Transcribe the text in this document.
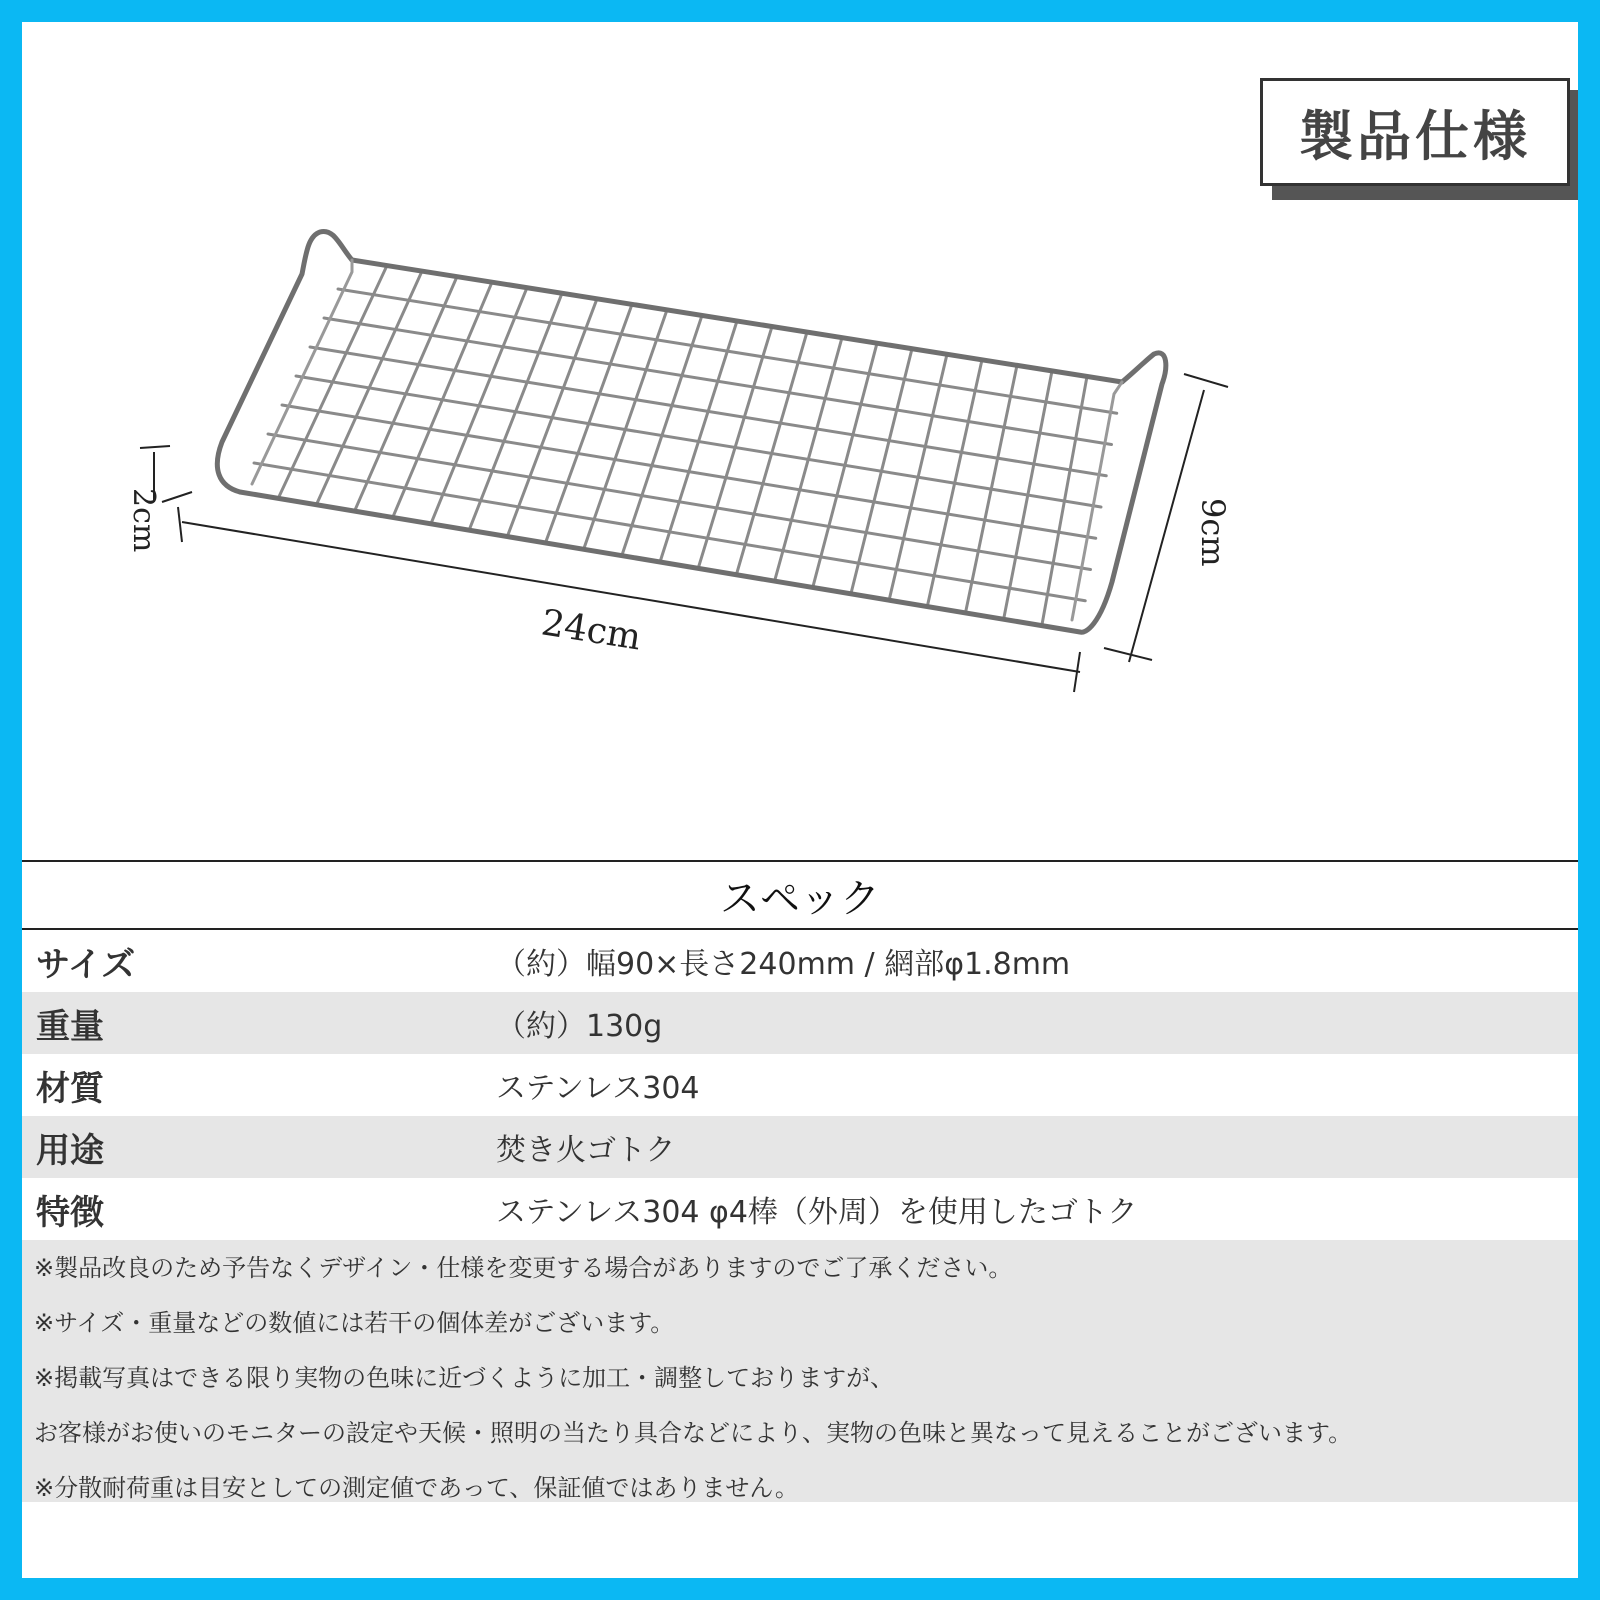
製品仕様
2cm
24cm
9cm
スペック
サイズ	（約）幅90×長さ240mm / 網部φ1.8mm
重量	（約）130g
材質	ステンレス304
用途	焚き火ゴトク
特徴	ステンレス304 φ4棒（外周）を使用したゴトク
※製品改良のため予告なくデザイン・仕様を変更する場合がありますのでご了承ください。
※サイズ・重量などの数値には若干の個体差がございます。
※掲載写真はできる限り実物の色味に近づくように加工・調整しておりますが、
お客様がお使いのモニターの設定や天候・照明の当たり具合などにより、実物の色味と異なって見えることがございます。
※分散耐荷重は目安としての測定値であって、保証値ではありません。
